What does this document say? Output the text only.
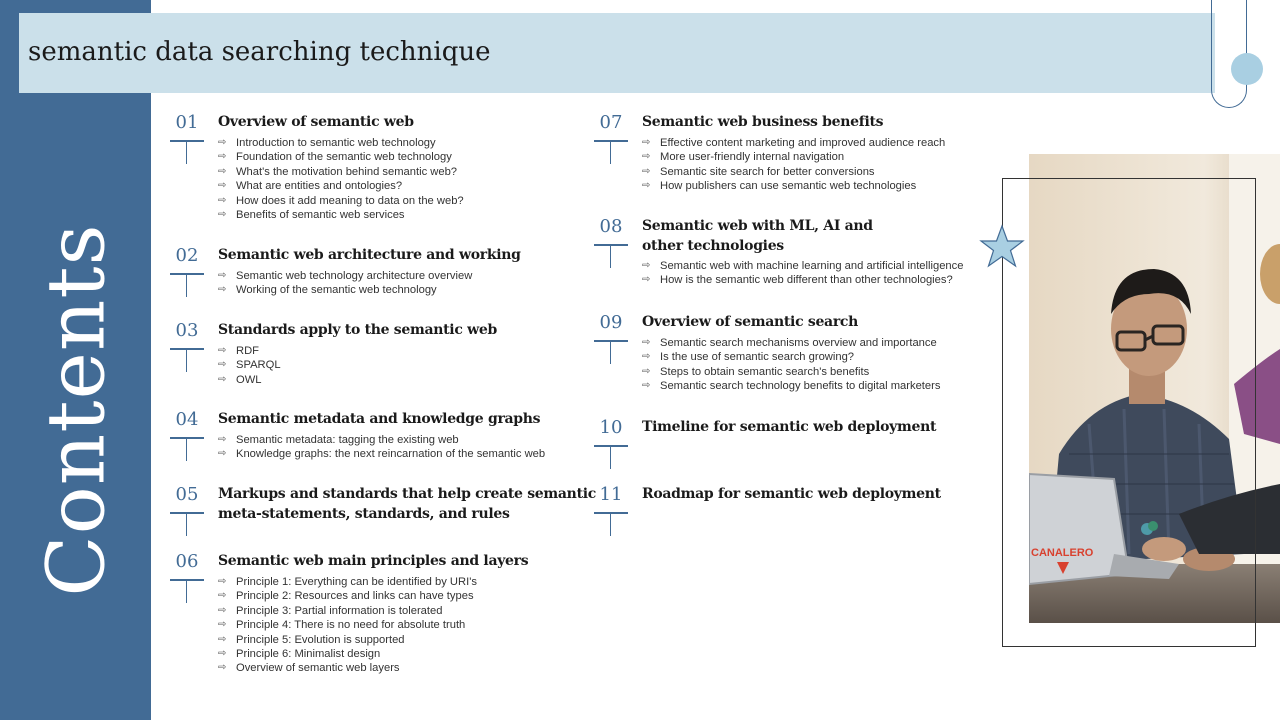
Contents
semantic data searching technique
01	Overview of semantic web
⇨ Introduction to semantic web technology
⇨ Foundation of the semantic web technology
⇨ What's the motivation behind semantic web?
⇨ What are entities and ontologies?
⇨ How does it add meaning to data on the web?
⇨ Benefits of semantic web services
02	Semantic web architecture and working
⇨ Semantic web technology architecture overview
⇨ Working of the semantic web technology
03	Standards apply to the semantic web
⇨ RDF
⇨ SPARQL
⇨ OWL
04	Semantic metadata and knowledge graphs
⇨ Semantic metadata: tagging the existing web
⇨ Knowledge graphs: the next reincarnation of the semantic web
05	Markups and standards that help create semantic meta-statements, standards, and rules
06	Semantic web main principles and layers
⇨ Principle 1: Everything can be identified by URI's
⇨ Principle 2: Resources and links can have types
⇨ Principle 3: Partial information is tolerated
⇨ Principle 4: There is no need for absolute truth
⇨ Principle 5: Evolution is supported
⇨ Principle 6: Minimalist design
⇨ Overview of semantic web layers
07	Semantic web business benefits
⇨ Effective content marketing and improved audience reach
⇨ More user-friendly internal navigation
⇨ Semantic site search for better conversions
⇨ How publishers can use semantic web technologies
08	Semantic web with ML, AI and other technologies
⇨ Semantic web with machine learning and artificial intelligence
⇨ How is the semantic web different than other technologies?
09	Overview of semantic search
⇨ Semantic search mechanisms overview and importance
⇨ Is the use of semantic search growing?
⇨ Steps to obtain semantic search's benefits
⇨ Semantic search technology benefits to digital marketers
10	Timeline for semantic web deployment
11	Roadmap for semantic web deployment
CANALERO
